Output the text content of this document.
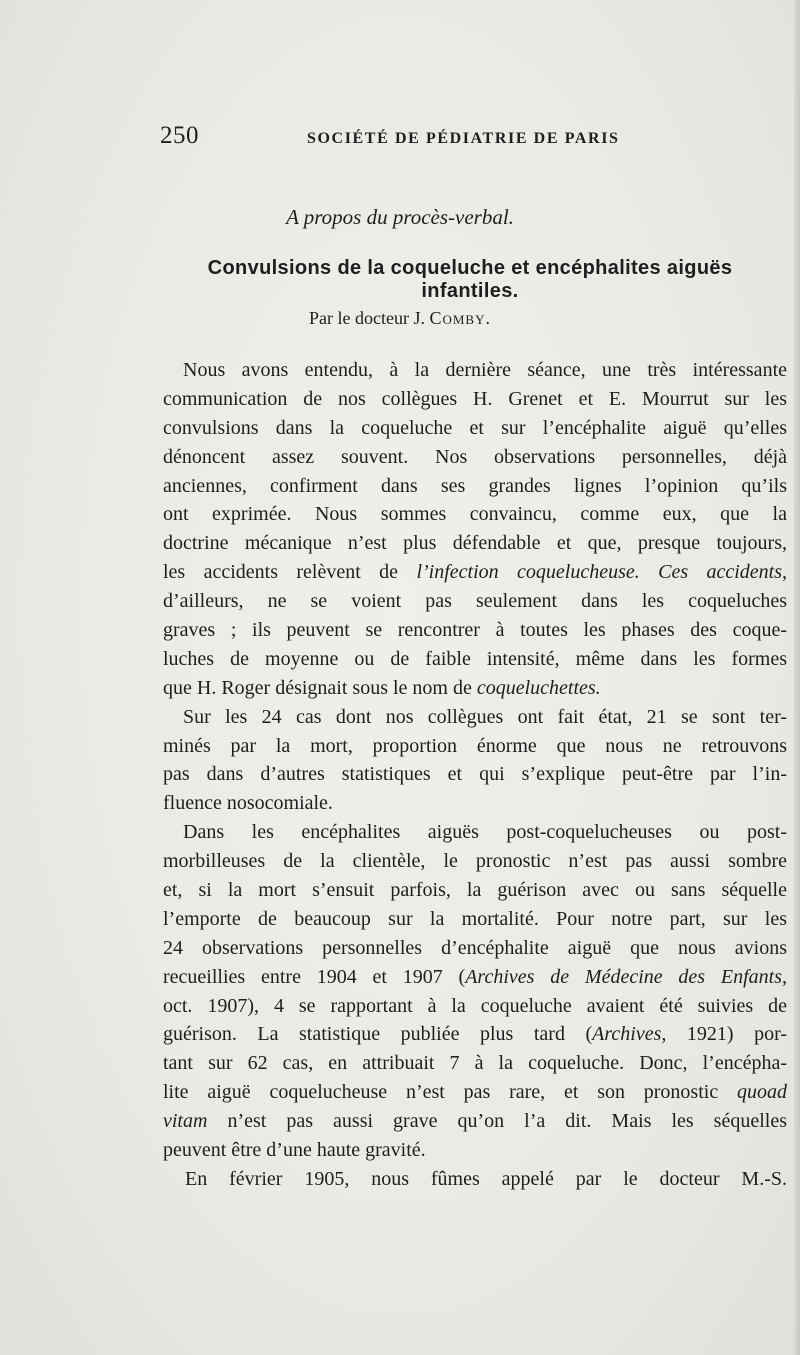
250	SOCIÉTÉ DE PÉDIATRIE DE PARIS
A propos du procès-verbal.
Convulsions de la coqueluche et encéphalites aiguës infantiles.
Par le docteur J. Comby.
Nous avons entendu, à la dernière séance, une très intéressante
communication de nos collègues H. Grenet et E. Mourrut sur les
convulsions dans la coqueluche et sur l’encéphalite aiguë qu’elles
dénoncent assez souvent. Nos observations personnelles, déjà
anciennes, confirment dans ses grandes lignes l’opinion qu’ils
ont exprimée. Nous sommes convaincu, comme eux, que la
doctrine mécanique n’est plus défendable et que, presque toujours,
les accidents relèvent de l’infection coquelucheuse. Ces accidents,
d’ailleurs, ne se voient pas seulement dans les coqueluches
graves ; ils peuvent se rencontrer à toutes les phases des coque-
luches de moyenne ou de faible intensité, même dans les formes
que H. Roger désignait sous le nom de coqueluchettes.
Sur les 24 cas dont nos collègues ont fait état, 21 se sont ter-
minés par la mort, proportion énorme que nous ne retrouvons
pas dans d’autres statistiques et qui s’explique peut-être par l’in-
fluence nosocomiale.
Dans les encéphalites aiguës post-coquelucheuses ou post-
morbilleuses de la clientèle, le pronostic n’est pas aussi sombre
et, si la mort s’ensuit parfois, la guérison avec ou sans séquelle
l’emporte de beaucoup sur la mortalité. Pour notre part, sur les
24 observations personnelles d’encéphalite aiguë que nous avions
recueillies entre 1904 et 1907 (Archives de Médecine des Enfants,
oct. 1907), 4 se rapportant à la coqueluche avaient été suivies de
guérison. La statistique publiée plus tard (Archives, 1921) por-
tant sur 62 cas, en attribuait 7 à la coqueluche. Donc, l’encépha-
lite aiguë coquelucheuse n’est pas rare, et son pronostic quoad
vitam n’est pas aussi grave qu’on l’a dit. Mais les séquelles
peuvent être d’une haute gravité.
En février 1905, nous fûmes appelé par le docteur M.-S.
